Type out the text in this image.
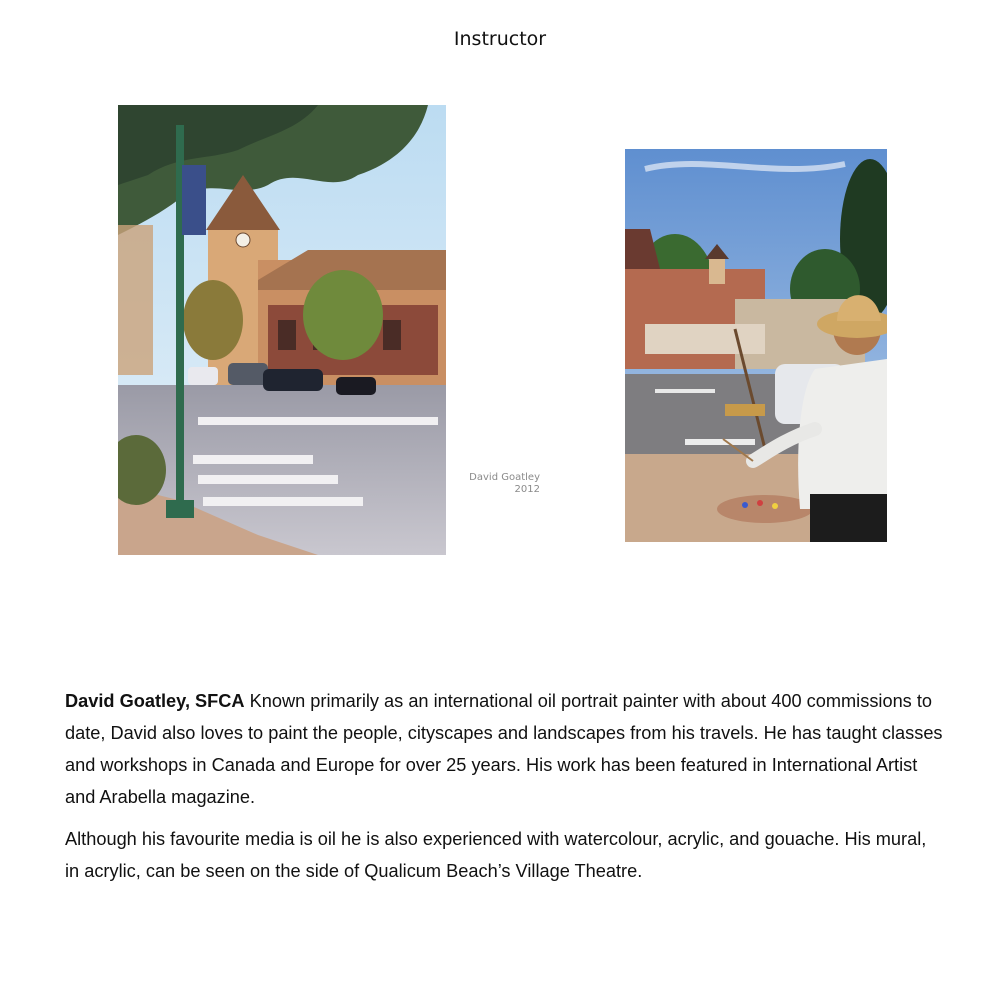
Instructor
David Goatley
2012

David Goatley, SFCA Known primarily as an international oil portrait painter with about 400 commissions to date, David also loves to paint the people, cityscapes and landscapes from his travels. He has taught classes and workshops in Canada and Europe for over 25 years. His work has been featured in International Artist and Arabella magazine.

Although his favourite media is oil he is also experienced with watercolour, acrylic, and gouache. His mural, in acrylic, can be seen on the side of Qualicum Beach’s Village Theatre.
